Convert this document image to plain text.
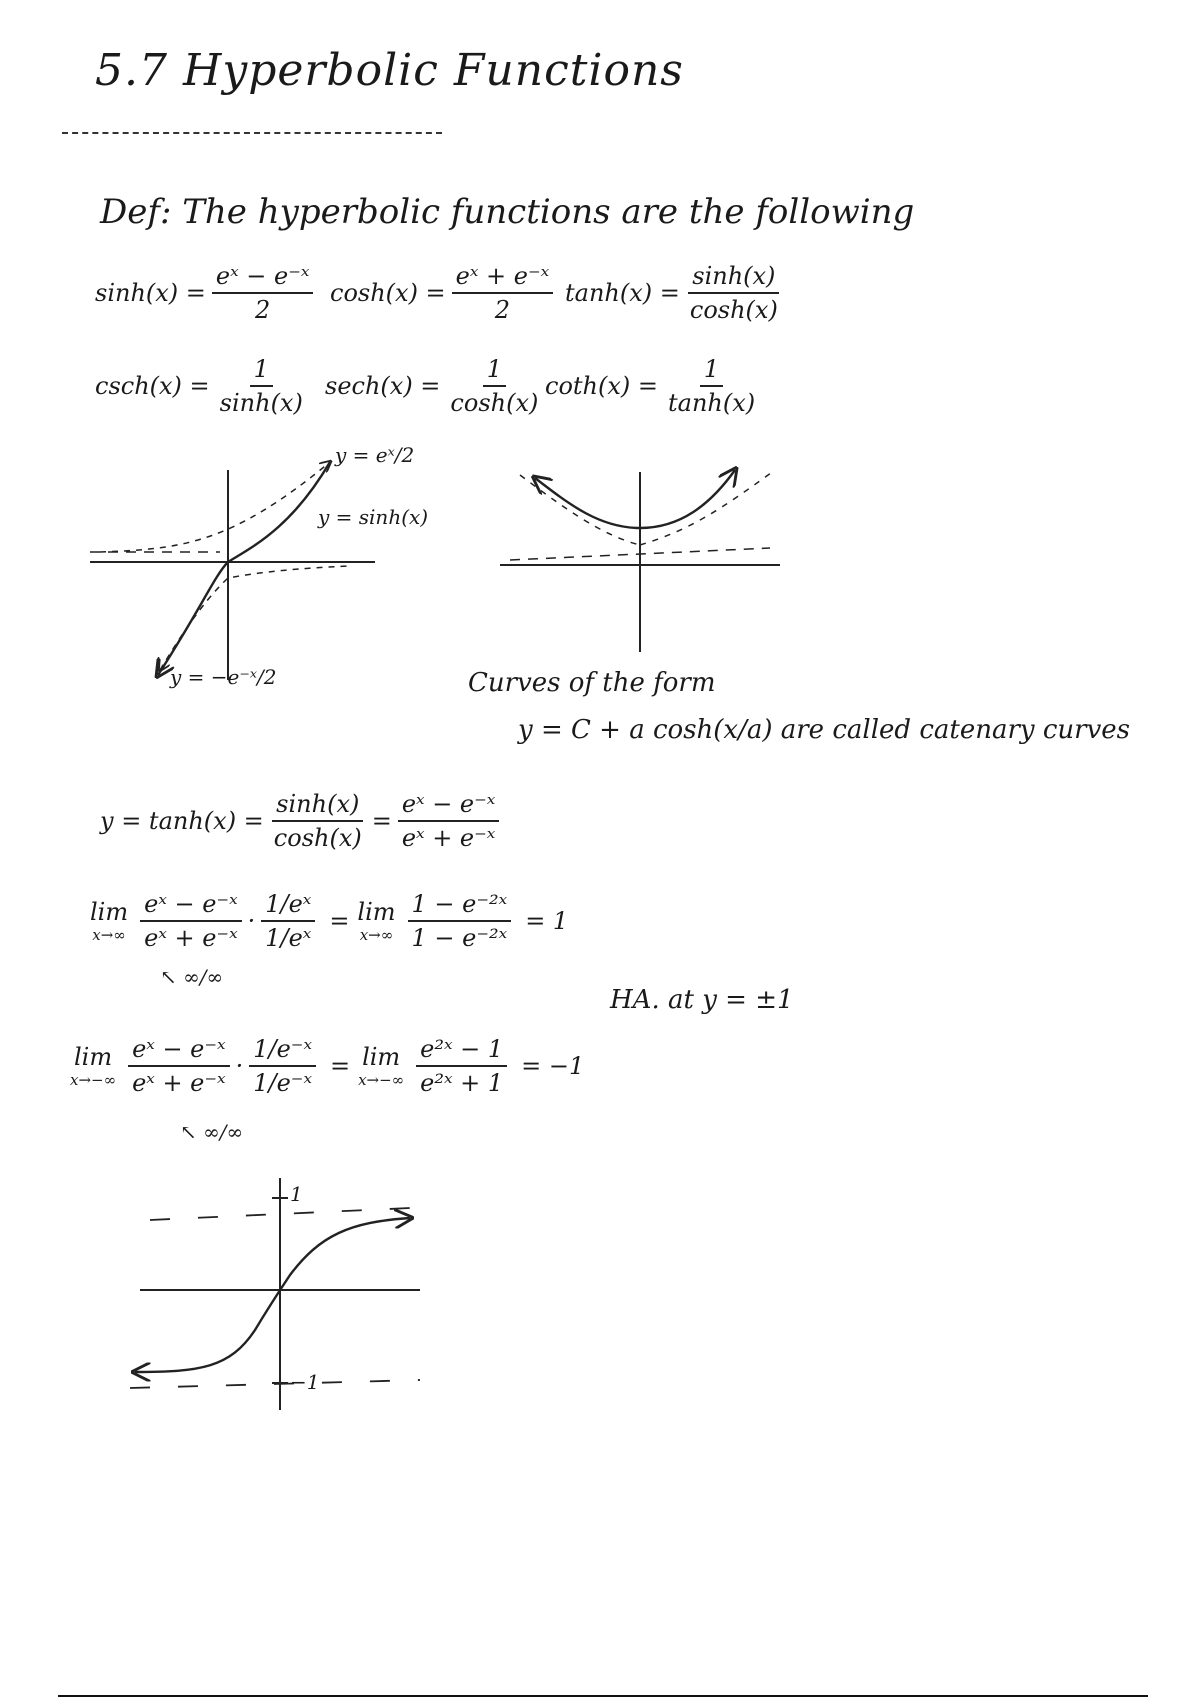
5.7 Hyperbolic Functions
Def: The hyperbolic functions are the following
$\sinh(x) = \frac{\text{eˣ − e⁻ˣ}}{2} \cosh(x) = \frac{\text{eˣ + e⁻ˣ}}{2} \tanh(x) = \frac{\sinh(x)}{\cosh(x)}$
$\csc h(x) = \frac{1}{\sinh(x)} \sec h(x) = \frac{1}{\cosh(x)} \cot h(x) = \frac{1}{\tanh(x)}$
y = eˣ/2
y = sinh(x)
y = −e⁻ˣ/2	Curves of the form
y = C + a cosh(x/a) are called catenary curves
$y = \tanh(x) = \frac{\sinh(x)}{\cosh(x)} = \frac{\text{eˣ − e⁻ˣ}}{\text{eˣ + e⁻ˣ}}$
lim
$x\to\infty \frac{\text{eˣ − e⁻ˣ}}{\text{eˣ + e⁻ˣ}} \cdot \frac{\text{1/eˣ}}{\text{1/eˣ}} = \lim$
$x\to\infty \frac{\text{1 − e⁻²ˣ}}{\text{1 − e⁻²ˣ}} = 1$
↖ ∞/∞
HA. at y = ±1
lim
$x\to-\infty \frac{\text{eˣ − e⁻ˣ}}{\text{eˣ + e⁻ˣ}} \cdot \frac{\text{1/e⁻ˣ}}{\text{1/e⁻ˣ}} = \lim$
$x\to-\infty \frac{\text{e²ˣ − 1}}{\text{e²ˣ + 1}} = -1$
↖ ∞/∞
1
−1
